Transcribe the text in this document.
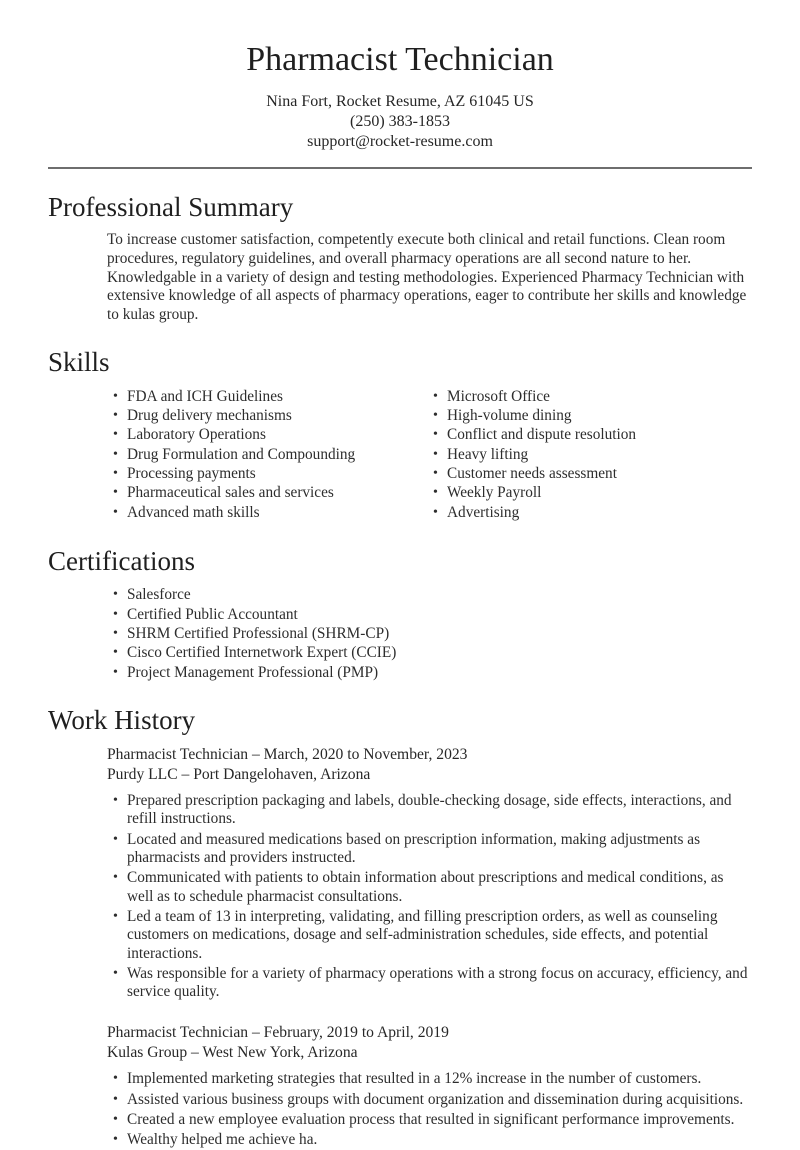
Pharmacist Technician
Nina Fort, Rocket Resume, AZ 61045 US
(250) 383-1853
support@rocket-resume.com
Professional Summary

To increase customer satisfaction, competently execute both clinical and retail functions. Clean room procedures, regulatory guidelines, and overall pharmacy operations are all second nature to her. Knowledgable in a variety of design and testing methodologies. Experienced Pharmacy Technician with extensive knowledge of all aspects of pharmacy operations, eager to contribute her skills and knowledge to kulas group.

Skills
• FDA and ICH Guidelines
• Drug delivery mechanisms
• Laboratory Operations
• Drug Formulation and Compounding
• Processing payments
• Pharmaceutical sales and services
• Advanced math skills
• Microsoft Office
• High-volume dining
• Conflict and dispute resolution
• Heavy lifting
• Customer needs assessment
• Weekly Payroll
• Advertising
Certifications
• Salesforce
• Certified Public Accountant
• SHRM Certified Professional (SHRM-CP)
• Cisco Certified Internetwork Expert (CCIE)
• Project Management Professional (PMP)
Work History
Pharmacist Technician – March, 2020 to November, 2023
Purdy LLC – Port Dangelohaven, Arizona
• Prepared prescription packaging and labels, double-checking dosage, side effects, interactions, and refill instructions.
• Located and measured medications based on prescription information, making adjustments as pharmacists and providers instructed.
• Communicated with patients to obtain information about prescriptions and medical conditions, as well as to schedule pharmacist consultations.
• Led a team of 13 in interpreting, validating, and filling prescription orders, as well as counseling customers on medications, dosage and self-administration schedules, side effects, and potential interactions.
• Was responsible for a variety of pharmacy operations with a strong focus on accuracy, efficiency, and service quality.
Pharmacist Technician – February, 2019 to April, 2019
Kulas Group – West New York, Arizona
• Implemented marketing strategies that resulted in a 12% increase in the number of customers.
• Assisted various business groups with document organization and dissemination during acquisitions.
• Created a new employee evaluation process that resulted in significant performance improvements.
• Wealthy helped me achieve ha.
